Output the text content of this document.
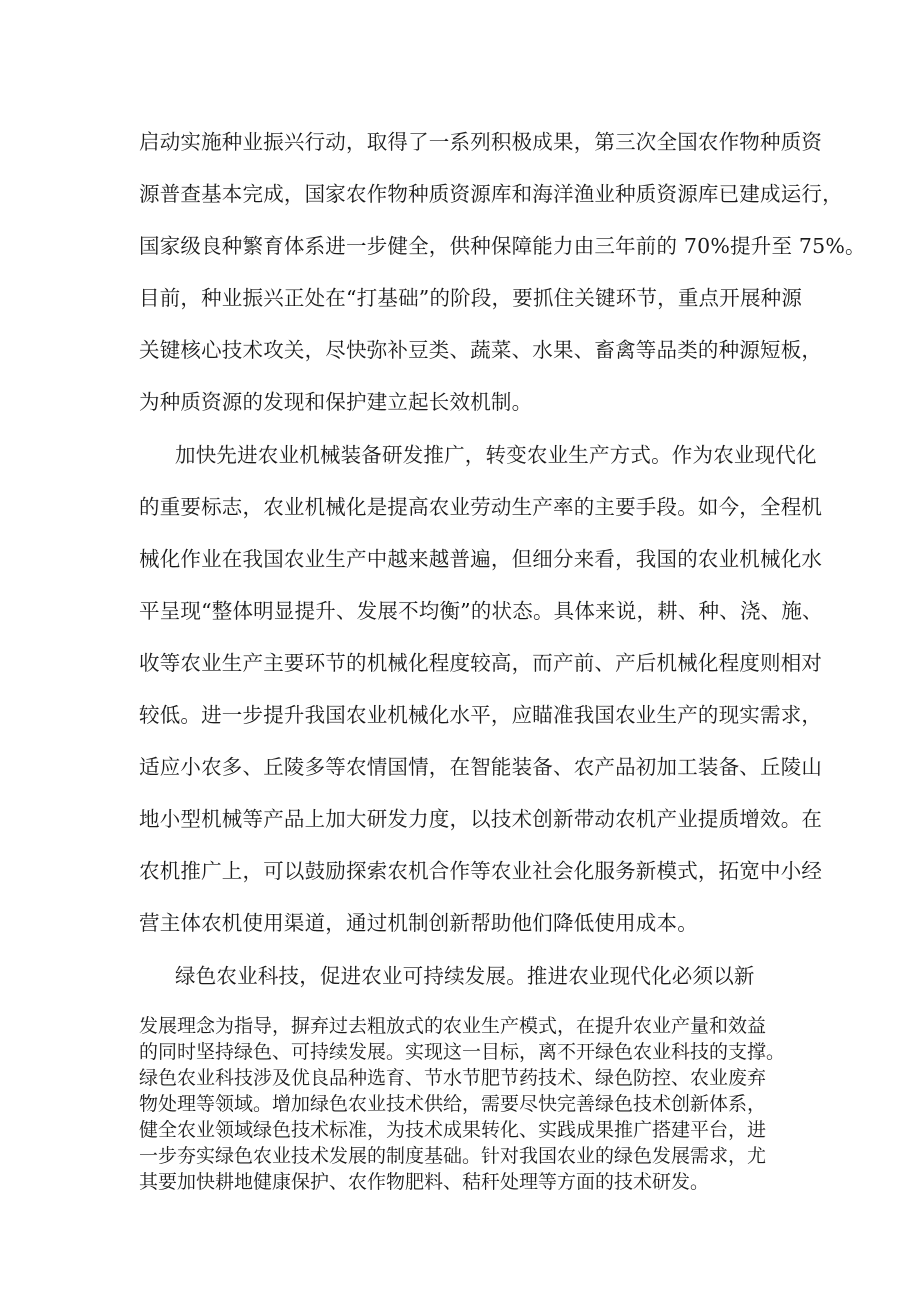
启动实施种业振兴行动，取得了一系列积极成果，第三次全国农作物种质资
源普查基本完成，国家农作物种质资源库和海洋渔业种质资源库已建成运行，
国家级良种繁育体系进一步健全，供种保障能力由三年前的 70%提升至 75%。
目前，种业振兴正处在“打基础”的阶段，要抓住关键环节，重点开展种源
关键核心技术攻关，尽快弥补豆类、蔬菜、水果、畜禽等品类的种源短板，
为种质资源的发现和保护建立起长效机制。
加快先进农业机械装备研发推广，转变农业生产方式。作为农业现代化
的重要标志，农业机械化是提高农业劳动生产率的主要手段。如今，全程机
械化作业在我国农业生产中越来越普遍，但细分来看，我国的农业机械化水
平呈现“整体明显提升、发展不均衡”的状态。具体来说，耕、种、浇、施、
收等农业生产主要环节的机械化程度较高，而产前、产后机械化程度则相对
较低。进一步提升我国农业机械化水平，应瞄准我国农业生产的现实需求，
适应小农多、丘陵多等农情国情，在智能装备、农产品初加工装备、丘陵山
地小型机械等产品上加大研发力度，以技术创新带动农机产业提质增效。在
农机推广上，可以鼓励探索农机合作等农业社会化服务新模式，拓宽中小经
营主体农机使用渠道，通过机制创新帮助他们降低使用成本。
绿色农业科技，促进农业可持续发展。推进农业现代化必须以新
发展理念为指导，摒弃过去粗放式的农业生产模式，在提升农业产量和效益
的同时坚持绿色、可持续发展。实现这一目标，离不开绿色农业科技的支撑。
绿色农业科技涉及优良品种选育、节水节肥节药技术、绿色防控、农业废弃
物处理等领域。增加绿色农业技术供给，需要尽快完善绿色技术创新体系，
健全农业领域绿色技术标准，为技术成果转化、实践成果推广搭建平台，进
一步夯实绿色农业技术发展的制度基础。针对我国农业的绿色发展需求，尤
其要加快耕地健康保护、农作物肥料、秸秆处理等方面的技术研发。
